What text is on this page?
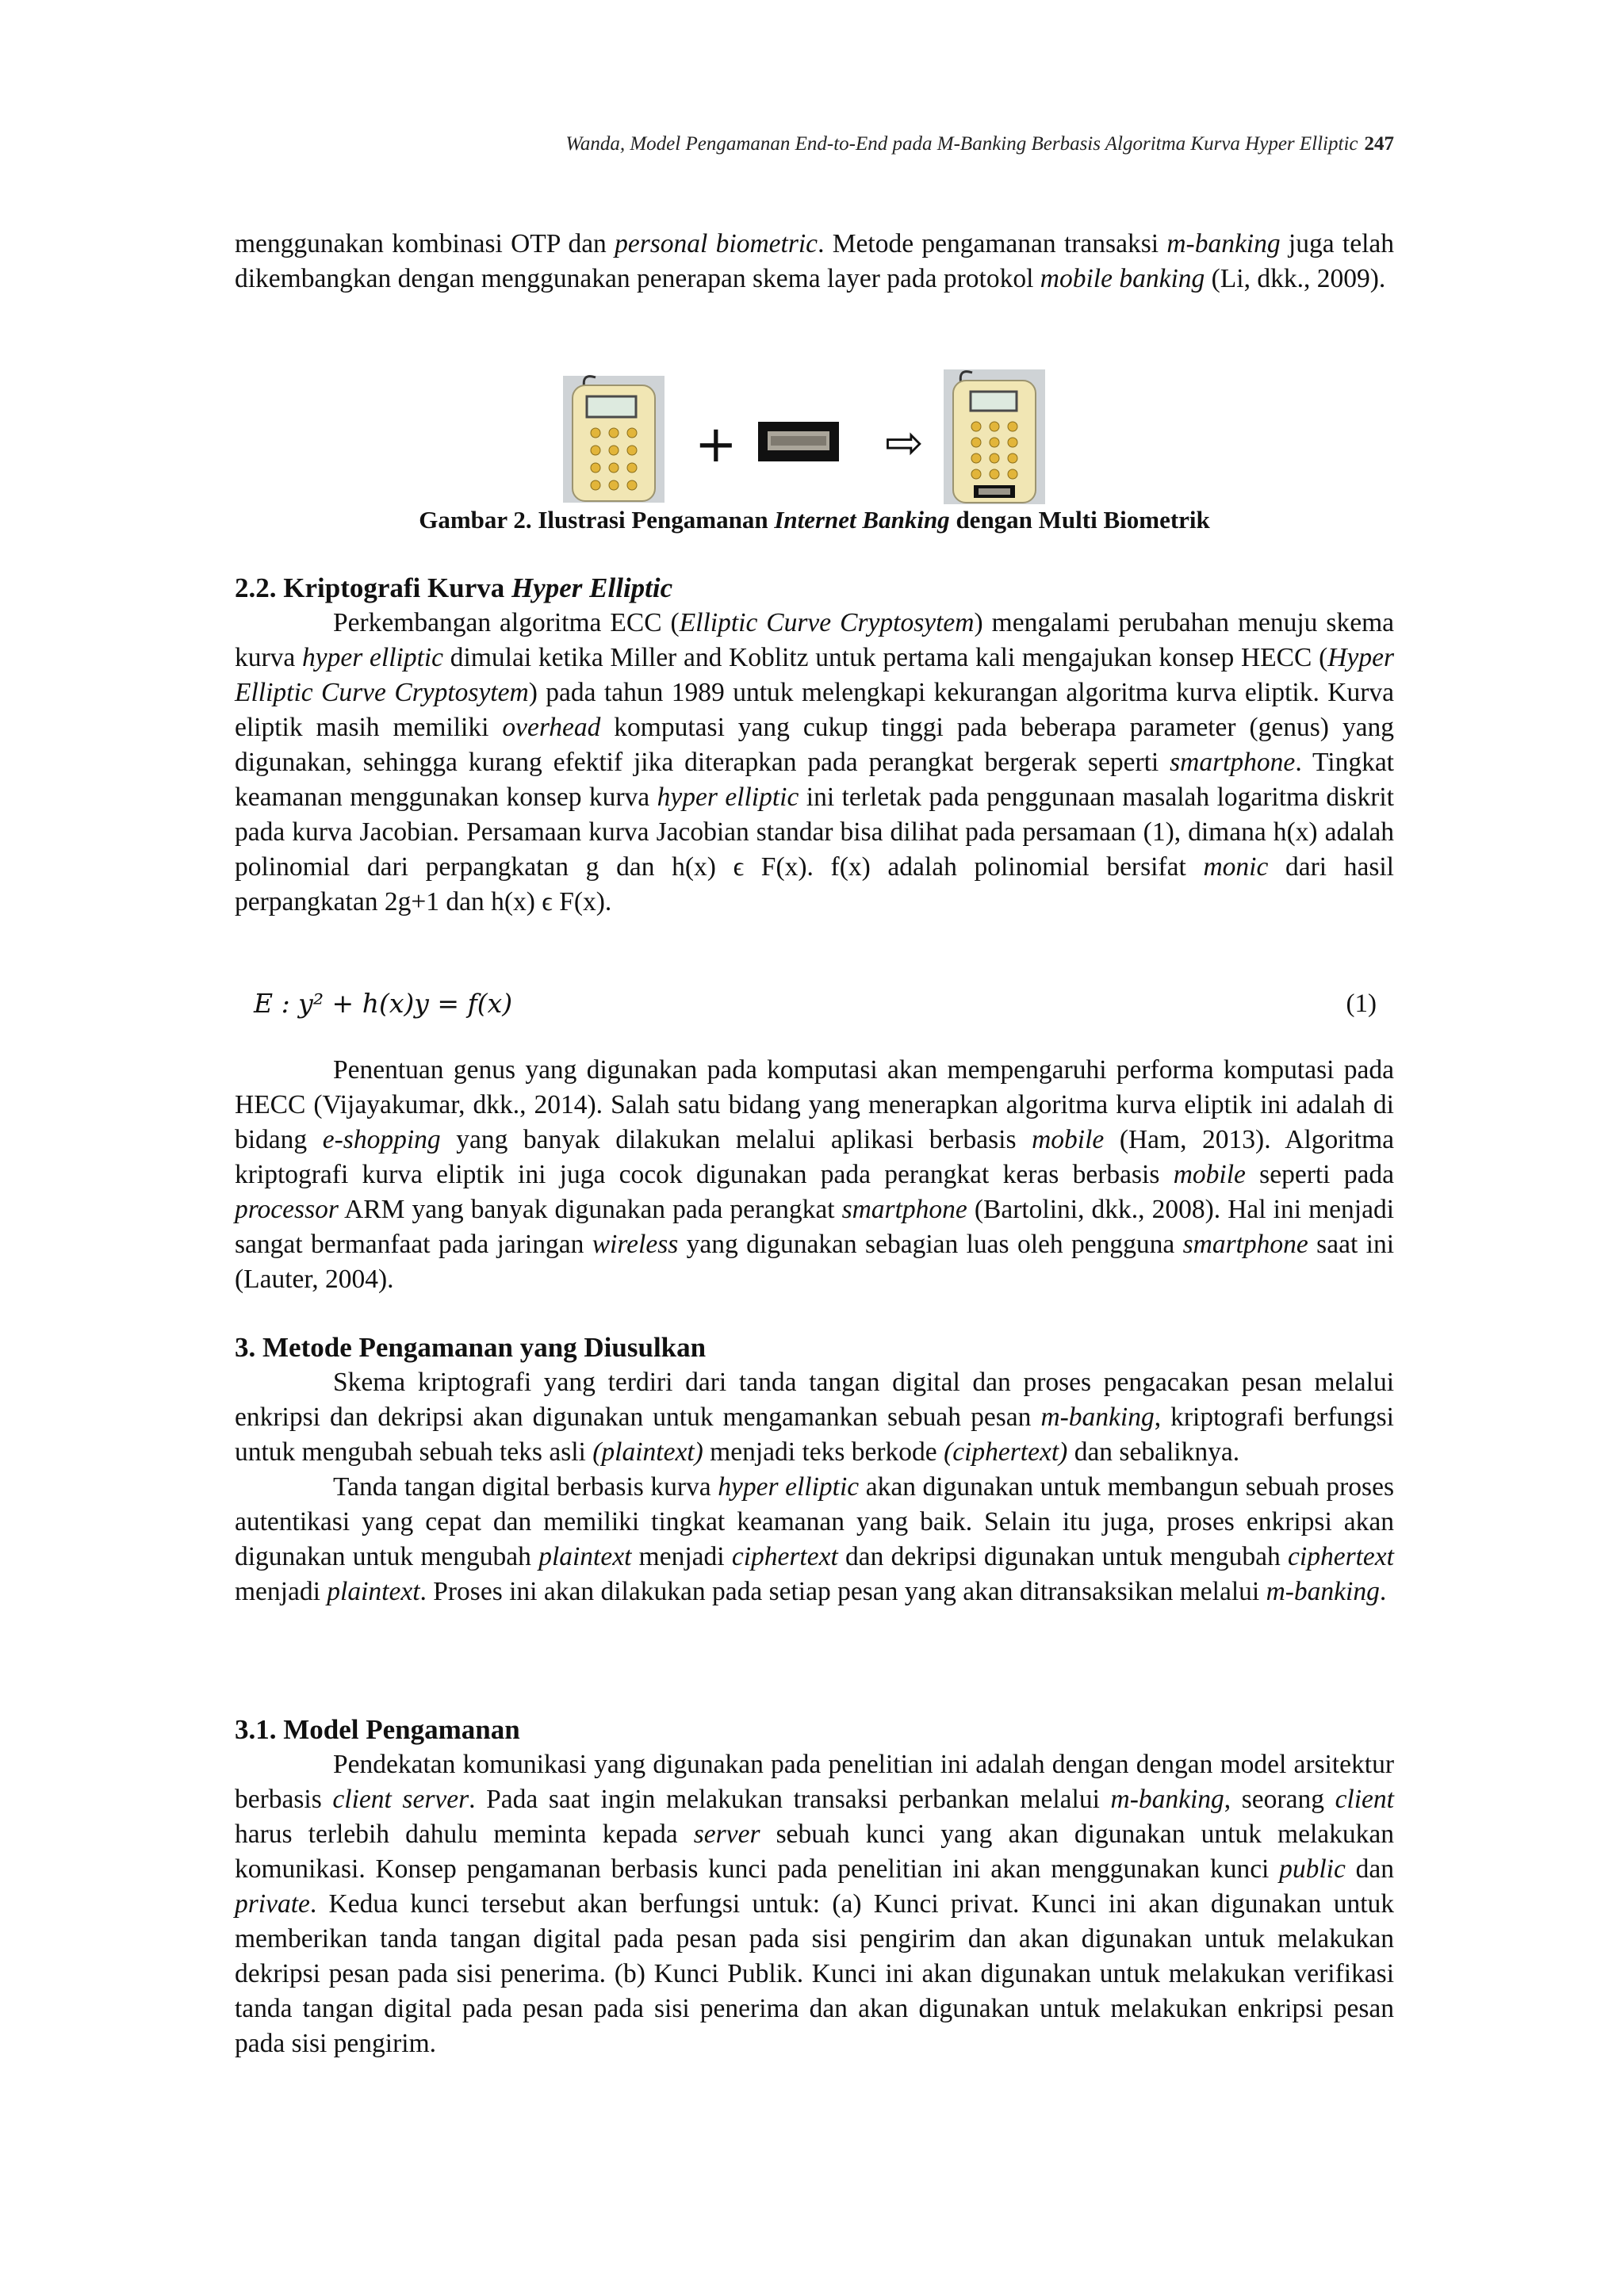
Wanda, Model Pengamanan End-to-End pada M-Banking Berbasis Algoritma Kurva Hyper Elliptic 247

menggunakan kombinasi OTP dan personal biometric. Metode pengamanan transaksi m-banking juga telah dikembangkan dengan menggunakan penerapan skema layer pada protokol mobile banking (Li, dkk., 2009).

+	⇨
Gambar 2. Ilustrasi Pengamanan Internet Banking dengan Multi Biometrik

2.2. Kriptografi Kurva Hyper Elliptic

Perkembangan algoritma ECC (Elliptic Curve Cryptosytem) mengalami perubahan menuju skema kurva hyper elliptic dimulai ketika Miller and Koblitz untuk pertama kali mengajukan konsep HECC (Hyper Elliptic Curve Cryptosytem) pada tahun 1989 untuk melengkapi kekurangan algoritma kurva eliptik. Kurva eliptik masih memiliki overhead komputasi yang cukup tinggi pada beberapa parameter (genus) yang digunakan, sehingga kurang efektif jika diterapkan pada perangkat bergerak seperti smartphone. Tingkat keamanan menggunakan konsep kurva hyper elliptic ini terletak pada penggunaan masalah logaritma diskrit pada kurva Jacobian. Persamaan kurva Jacobian standar bisa dilihat pada persamaan (1), dimana h(x) adalah polinomial dari perpangkatan g dan h(x) ϵ F(x). f(x) adalah polinomial bersifat monic dari hasil perpangkatan 2g+1 dan h(x) ϵ F(x).

E : y² + h(x)y = f(x)	(1)

Penentuan genus yang digunakan pada komputasi akan mempengaruhi performa komputasi pada HECC (Vijayakumar, dkk., 2014). Salah satu bidang yang menerapkan algoritma kurva eliptik ini adalah di bidang e-shopping yang banyak dilakukan melalui aplikasi berbasis mobile (Ham, 2013). Algoritma kriptografi kurva eliptik ini juga cocok digunakan pada perangkat keras berbasis mobile seperti pada processor ARM yang banyak digunakan pada perangkat smartphone (Bartolini, dkk., 2008). Hal ini menjadi sangat bermanfaat pada jaringan wireless yang digunakan sebagian luas oleh pengguna smartphone saat ini (Lauter, 2004).

3. Metode Pengamanan yang Diusulkan

Skema kriptografi yang terdiri dari tanda tangan digital dan proses pengacakan pesan melalui enkripsi dan dekripsi akan digunakan untuk mengamankan sebuah pesan m-banking, kriptografi berfungsi untuk mengubah sebuah teks asli (plaintext) menjadi teks berkode (ciphertext) dan sebaliknya.

Tanda tangan digital berbasis kurva hyper elliptic akan digunakan untuk membangun sebuah proses autentikasi yang cepat dan memiliki tingkat keamanan yang baik. Selain itu juga, proses enkripsi akan digunakan untuk mengubah plaintext menjadi ciphertext dan dekripsi digunakan untuk mengubah ciphertext menjadi plaintext. Proses ini akan dilakukan pada setiap pesan yang akan ditransaksikan melalui m-banking.

3.1. Model Pengamanan

Pendekatan komunikasi yang digunakan pada penelitian ini adalah dengan dengan model arsitektur berbasis client server. Pada saat ingin melakukan transaksi perbankan melalui m-banking, seorang client harus terlebih dahulu meminta kepada server sebuah kunci yang akan digunakan untuk melakukan komunikasi. Konsep pengamanan berbasis kunci pada penelitian ini akan menggunakan kunci public dan private. Kedua kunci tersebut akan berfungsi untuk: (a) Kunci privat. Kunci ini akan digunakan untuk memberikan tanda tangan digital pada pesan pada sisi pengirim dan akan digunakan untuk melakukan dekripsi pesan pada sisi penerima. (b) Kunci Publik. Kunci ini akan digunakan untuk melakukan verifikasi tanda tangan digital pada pesan pada sisi penerima dan akan digunakan untuk melakukan enkripsi pesan pada sisi pengirim.
